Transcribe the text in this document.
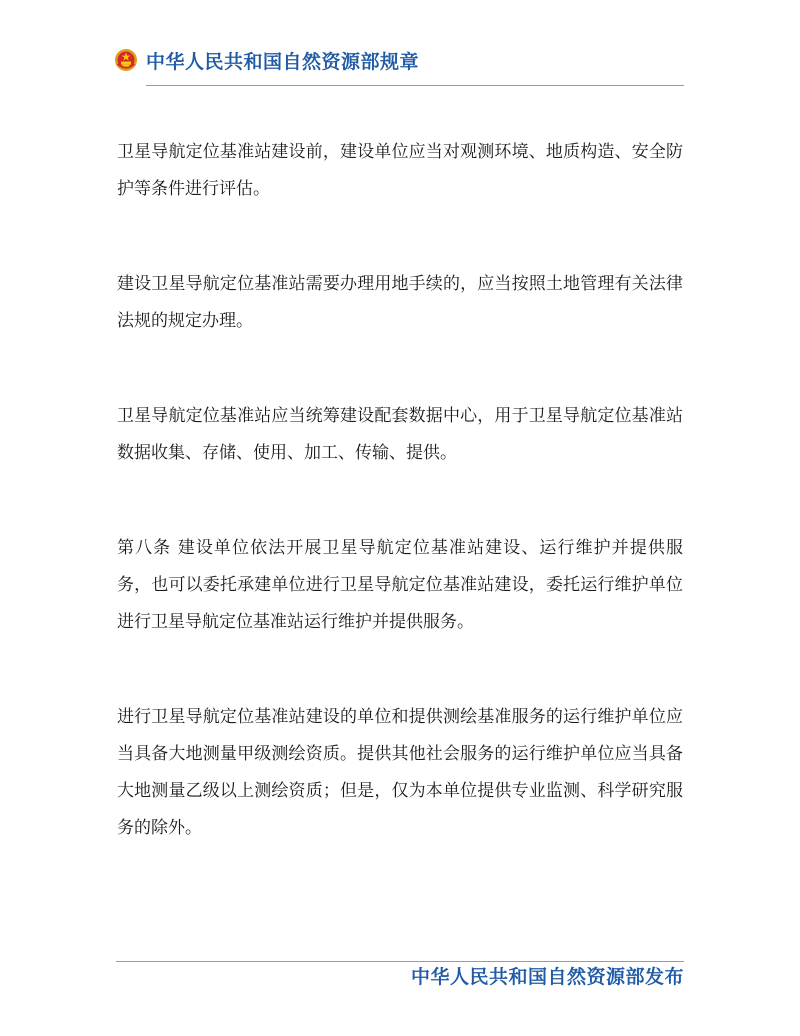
中华人民共和国自然资源部规章

卫星导航定位基准站建设前，建设单位应当对观测环境、地质构造、安全防护等条件进行评估。

建设卫星导航定位基准站需要办理用地手续的，应当按照土地管理有关法律法规的规定办理。

卫星导航定位基准站应当统筹建设配套数据中心，用于卫星导航定位基准站数据收集、存储、使用、加工、传输、提供。

第八条 建设单位依法开展卫星导航定位基准站建设、运行维护并提供服务，也可以委托承建单位进行卫星导航定位基准站建设，委托运行维护单位进行卫星导航定位基准站运行维护并提供服务。

进行卫星导航定位基准站建设的单位和提供测绘基准服务的运行维护单位应当具备大地测量甲级测绘资质。提供其他社会服务的运行维护单位应当具备大地测量乙级以上测绘资质；但是，仅为本单位提供专业监测、科学研究服务的除外。

中华人民共和国自然资源部发布
